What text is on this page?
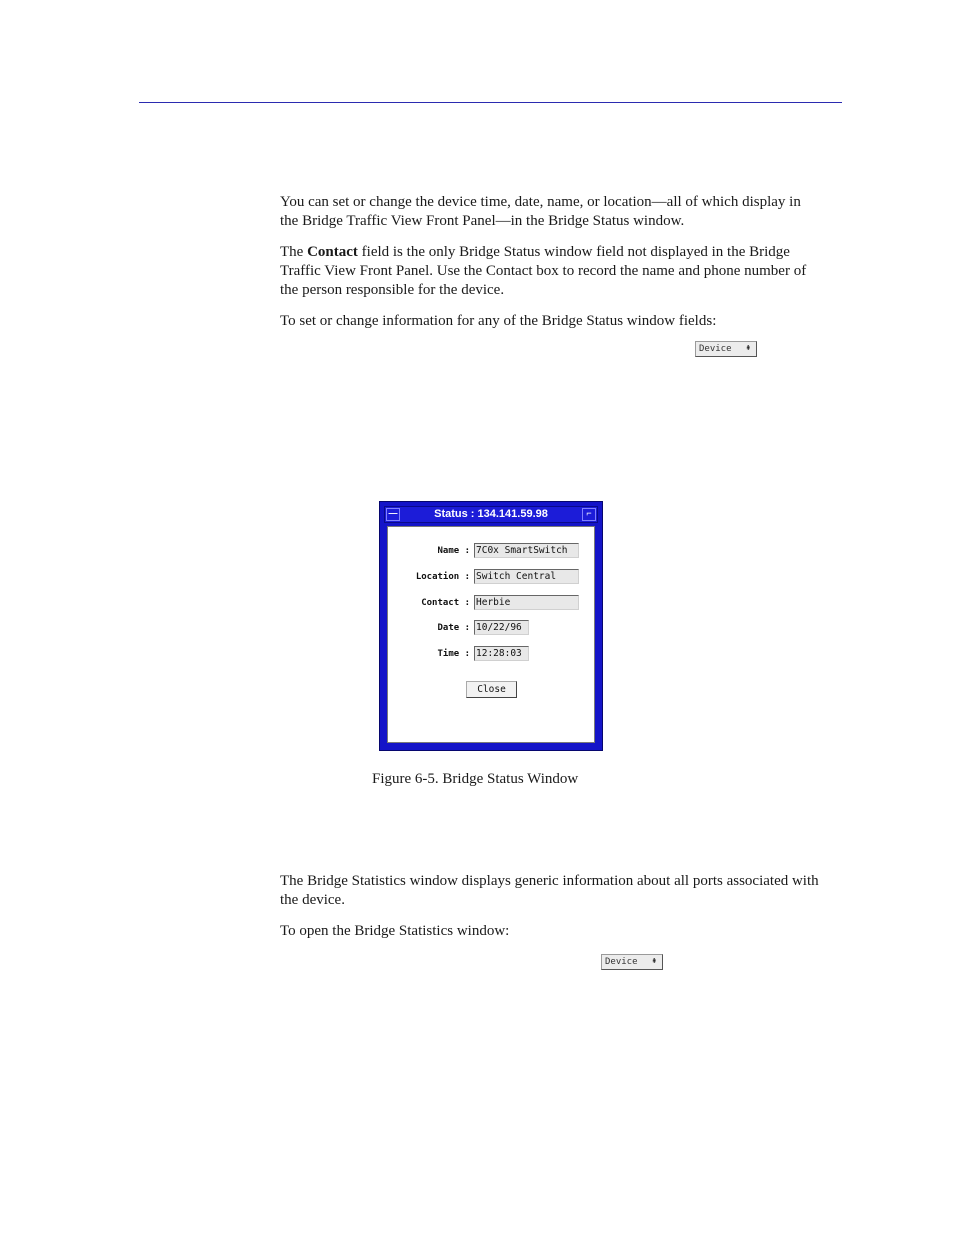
You can set or change the device time, date, name, or location—all of which display in the Bridge Traffic View Front Panel—in the Bridge Status window.

The Contact field is the only Bridge Status window field not displayed in the Bridge Traffic View Front Panel. Use the Contact box to record the name and phone number of the person responsible for the device.

To set or change information for any of the Bridge Status window fields:

Device ⇞
—	Status : 134.141.59.98	⌐
Name : 7C0x SmartSwitch
Location : Switch Central
Contact : Herbie
Date : 10/22/96
Time : 12:28:03
Close

Figure 6-5. Bridge Status Window

The Bridge Statistics window displays generic information about all ports associated with the device.

To open the Bridge Statistics window:

Device ⇞
